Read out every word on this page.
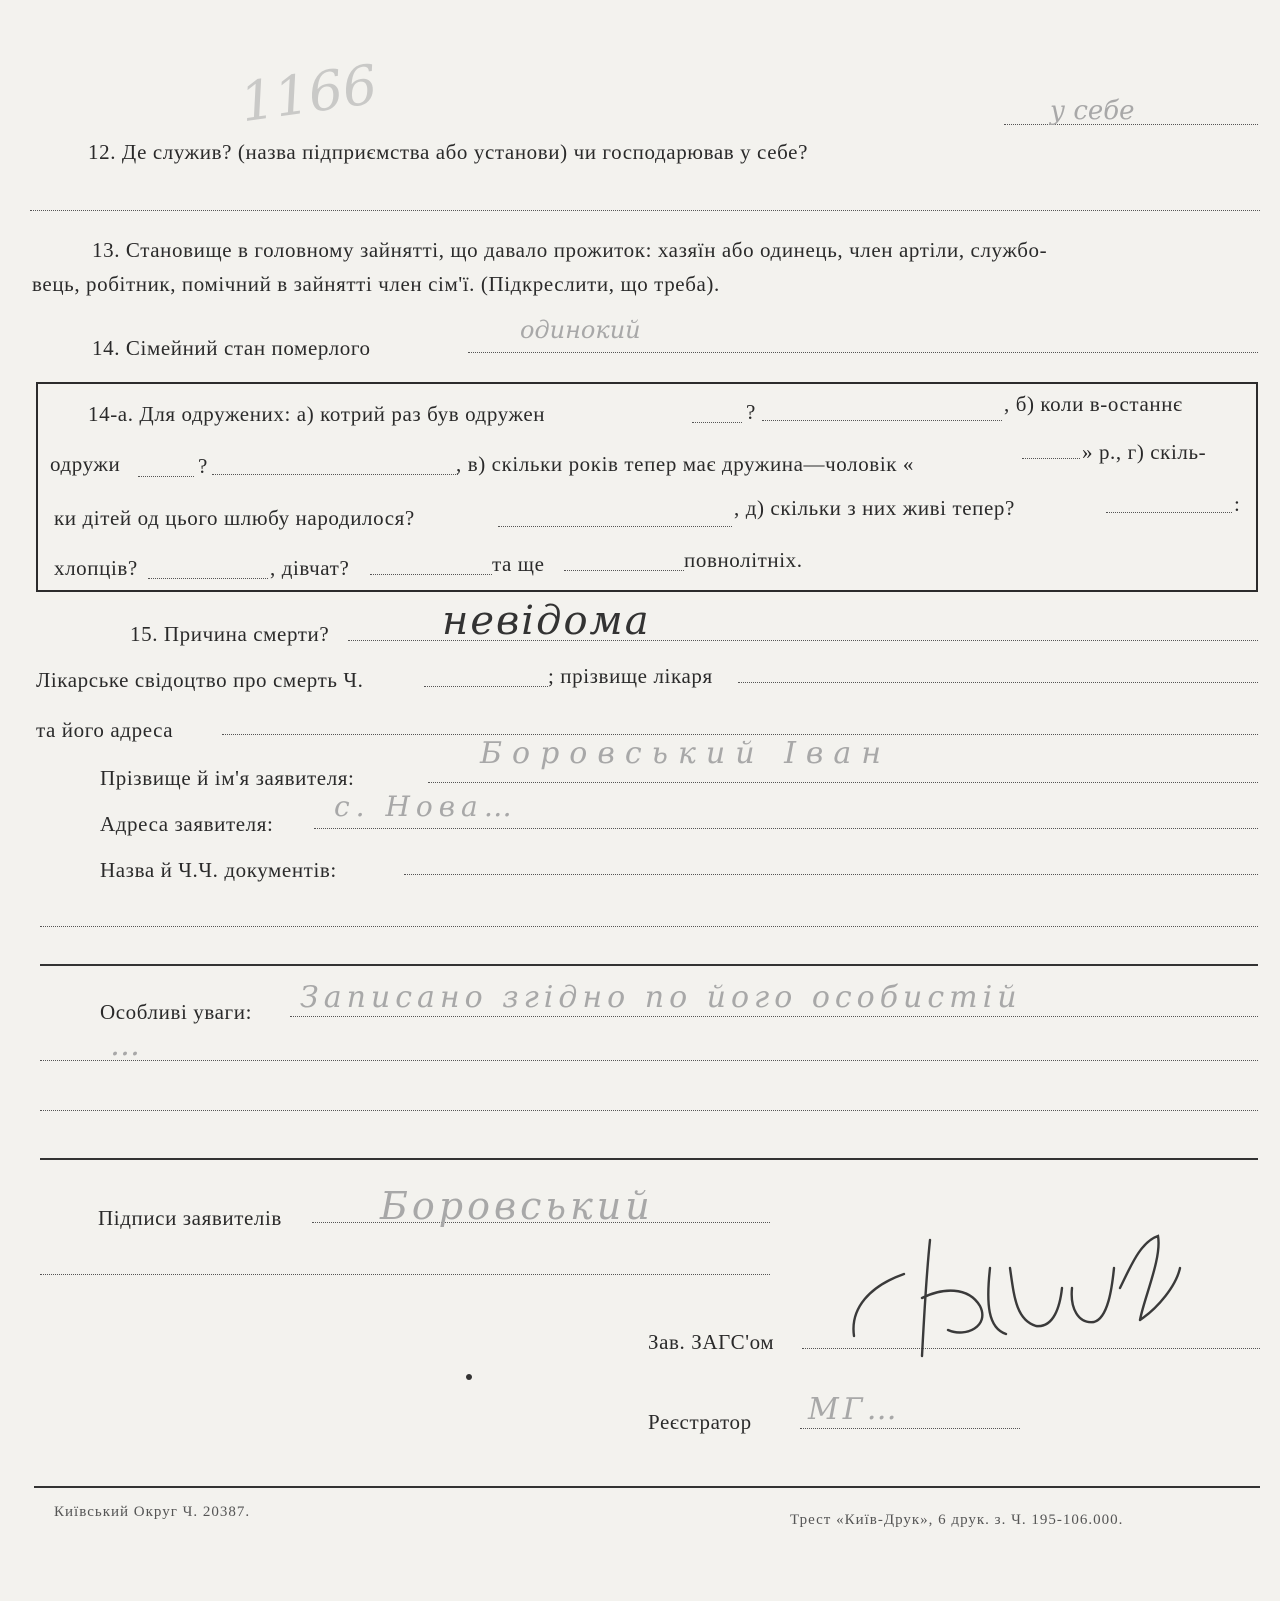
1166
12. Де служив? (назва підприємства або установи) чи господарював у себе?
у себе
13. Становище в головному зайнятті, що давало прожиток: хазяїн або одинець, член артіли, службо-
вець, робітник, помічний в зайнятті член сім'ї. (Підкреслити, що треба).
14. Сімейний стан померлого
одинокий
14-а. Для одружених: а) котрий раз був одружен	?	, б) коли в-останнє
одружи	?	, в) скільки років тепер має дружина—чоловік «	» р., г) скіль-
ки дітей од цього шлюбу народилося?	, д) скільки з них живі тепер?	:
хлопців?	, дівчат?	та ще	повнолітніх.
15. Причина смерти?	невідома
Лікарське свідоцтво про смерть Ч.	; прізвище лікаря
та його адреса
Прізвище й ім'я заявителя:
Боровський Іван
Адреса заявителя:
с. Нова…
Назва й Ч.Ч. документів:
Особливі уваги: Записано згідно по його особистій
…
Підписи заявителів	Боровський
Зав. ЗАГС'ом
Кузьменко
Реєстратор МГ…
Київський Округ Ч. 20387.	Трест «Київ-Друк», 6 друк. з. Ч. 195-106.000.
